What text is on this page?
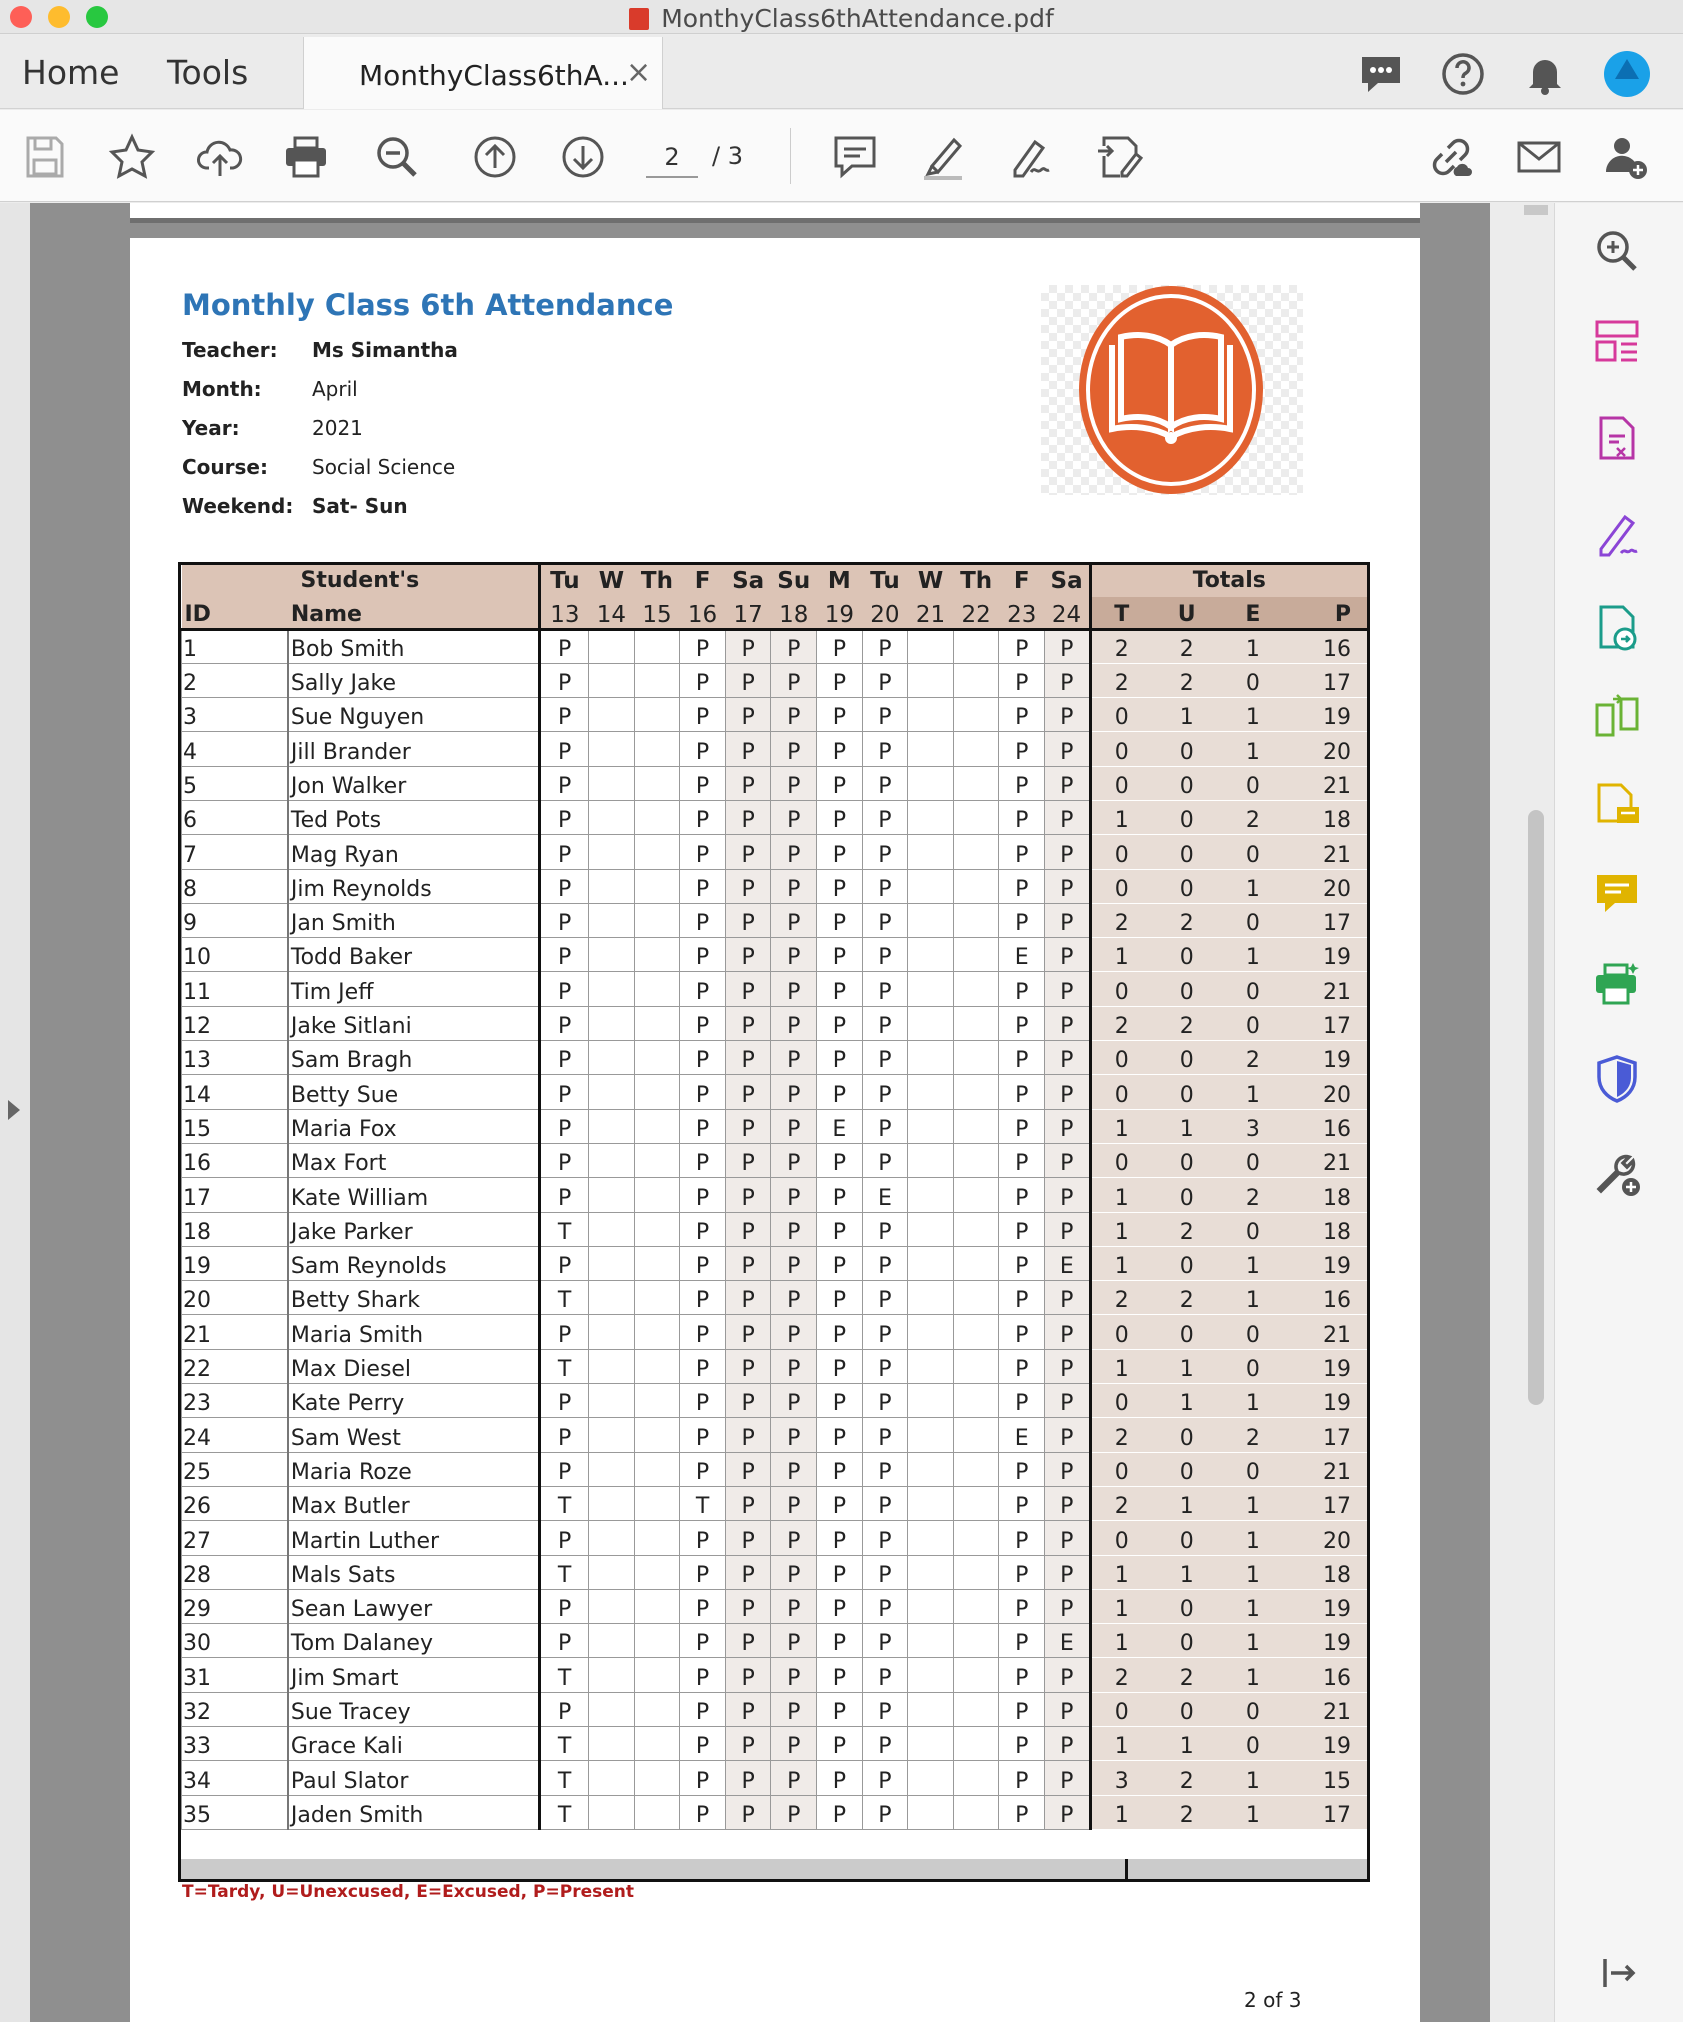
MonthyClass6thAttendance.pdf
Home Tools	MonthyClass6thA...
×
2	/ 3
Monthly Class 6th Attendance
Teacher: Ms Simantha
Month:	April
Year:	2021
Course: Social Science
Weekend: Sat- Sun
Student's		Tu	W	Th	F	Sa	Su	M	Tu	W	Th	F	Sa	Totals			
ID	Name	13	14	15	16	17	18	19	20	21	22	23	24	T	U	E	P
1	Bob Smith	P			P	P	P	P	P			P	P	2	2	1	16
2	Sally Jake	P			P	P	P	P	P			P	P	2	2	0	17
3	Sue Nguyen	P			P	P	P	P	P			P	P	0	1	1	19
4	Jill Brander	P			P	P	P	P	P			P	P	0	0	1	20
5	Jon Walker	P			P	P	P	P	P			P	P	0	0	0	21
6	Ted Pots	P			P	P	P	P	P			P	P	1	0	2	18
7	Mag Ryan	P			P	P	P	P	P			P	P	0	0	0	21
8	Jim Reynolds	P			P	P	P	P	P			P	P	0	0	1	20
9	Jan Smith	P			P	P	P	P	P			P	P	2	2	0	17
10	Todd Baker	P			P	P	P	P	P			E	P	1	0	1	19
11	Tim Jeff	P			P	P	P	P	P			P	P	0	0	0	21
12	Jake Sitlani	P			P	P	P	P	P			P	P	2	2	0	17
13	Sam Bragh	P			P	P	P	P	P			P	P	0	0	2	19
14	Betty Sue	P			P	P	P	P	P			P	P	0	0	1	20
15	Maria Fox	P			P	P	P	E	P			P	P	1	1	3	16
16	Max Fort	P			P	P	P	P	P			P	P	0	0	0	21
17	Kate William	P			P	P	P	P	E			P	P	1	0	2	18
18	Jake Parker	T			P	P	P	P	P			P	P	1	2	0	18
19	Sam Reynolds	P			P	P	P	P	P			P	E	1	0	1	19
20	Betty Shark	T			P	P	P	P	P			P	P	2	2	1	16
21	Maria Smith	P			P	P	P	P	P			P	P	0	0	0	21
22	Max Diesel	T			P	P	P	P	P			P	P	1	1	0	19
23	Kate Perry	P			P	P	P	P	P			P	P	0	1	1	19
24	Sam West	P			P	P	P	P	P			E	P	2	0	2	17
25	Maria Roze	P			P	P	P	P	P			P	P	0	0	0	21
26	Max Butler	T			T	P	P	P	P			P	P	2	1	1	17
27	Martin Luther	P			P	P	P	P	P			P	P	0	0	1	20
28	Mals Sats	T			P	P	P	P	P			P	P	1	1	1	18
29	Sean Lawyer	P			P	P	P	P	P			P	P	1	0	1	19
30	Tom Dalaney	P			P	P	P	P	P			P	E	1	0	1	19
31	Jim Smart	T			P	P	P	P	P			P	P	2	2	1	16
32	Sue Tracey	P			P	P	P	P	P			P	P	0	0	0	21
33	Grace Kali	T			P	P	P	P	P			P	P	1	1	0	19
34	Paul Slator	T			P	P	P	P	P			P	P	3	2	1	15
35	Jaden Smith	T			P	P	P	P	P			P	P	1	2	1	17
T=Tardy, U=Unexcused, E=Excused, P=Present
2 of 3
